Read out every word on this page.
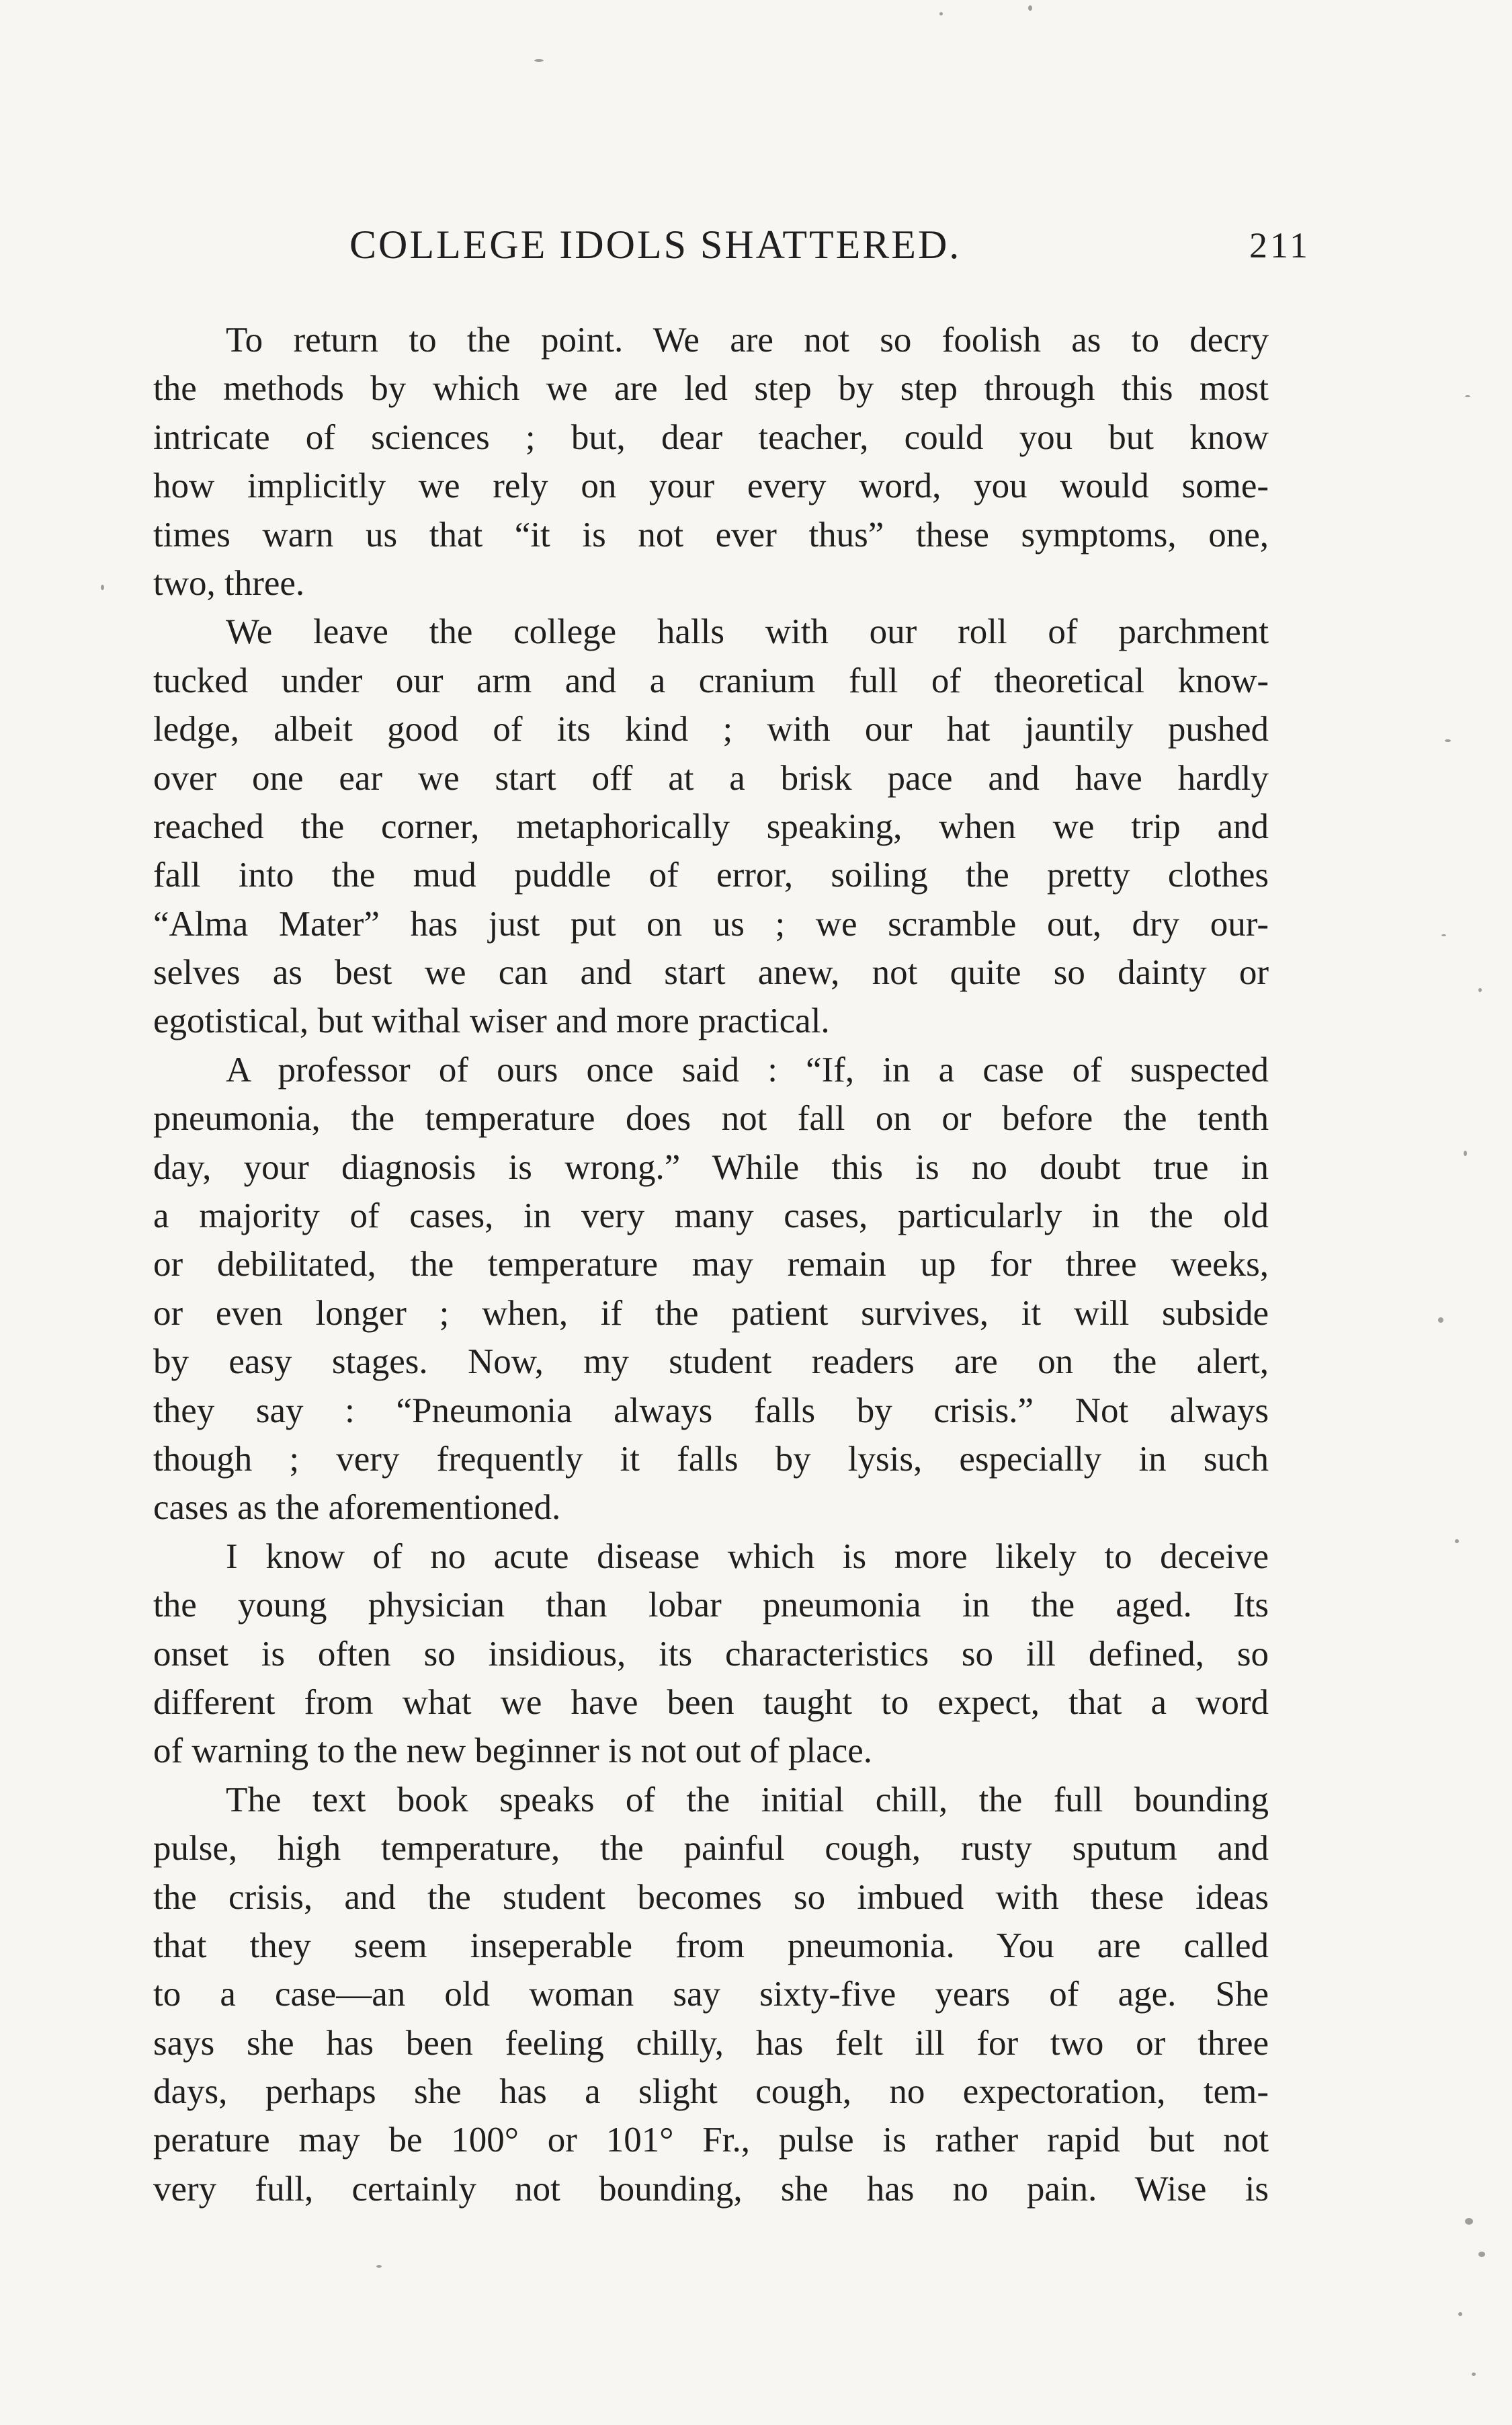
COLLEGE IDOLS SHATTERED.	211
To return to the point. We are not so foolish as to decry
the methods by which we are led step by step through this most
intricate of sciences ; but, dear teacher, could you but know
how implicitly we rely on your every word, you would some-
times warn us that “it is not ever thus” these symptoms, one,
two, three.
We leave the college halls with our roll of parchment
tucked under our arm and a cranium full of theoretical know-
ledge, albeit good of its kind ; with our hat jauntily pushed
over one ear we start off at a brisk pace and have hardly
reached the corner, metaphorically speaking, when we trip and
fall into the mud puddle of error, soiling the pretty clothes
“Alma Mater” has just put on us ; we scramble out, dry our-
selves as best we can and start anew, not quite so dainty or
egotistical, but withal wiser and more practical.
A professor of ours once said : “If, in a case of suspected
pneumonia, the temperature does not fall on or before the tenth
day, your diagnosis is wrong.” While this is no doubt true in
a majority of cases, in very many cases, particularly in the old
or debilitated, the temperature may remain up for three weeks,
or even longer ; when, if the patient survives, it will subside
by easy stages. Now, my student readers are on the alert,
they say : “Pneumonia always falls by crisis.” Not always
though ; very frequently it falls by lysis, especially in such
cases as the aforementioned.
I know of no acute disease which is more likely to deceive
the young physician than lobar pneumonia in the aged. Its
onset is often so insidious, its characteristics so ill defined, so
different from what we have been taught to expect, that a word
of warning to the new beginner is not out of place.
The text book speaks of the initial chill, the full bounding
pulse, high temperature, the painful cough, rusty sputum and
the crisis, and the student becomes so imbued with these ideas
that they seem inseperable from pneumonia. You are called
to a case—an old woman say sixty-five years of age. She
says she has been feeling chilly, has felt ill for two or three
days, perhaps she has a slight cough, no expectoration, tem-
perature may be 100° or 101° Fr., pulse is rather rapid but not
very full, certainly not bounding, she has no pain. Wise is
